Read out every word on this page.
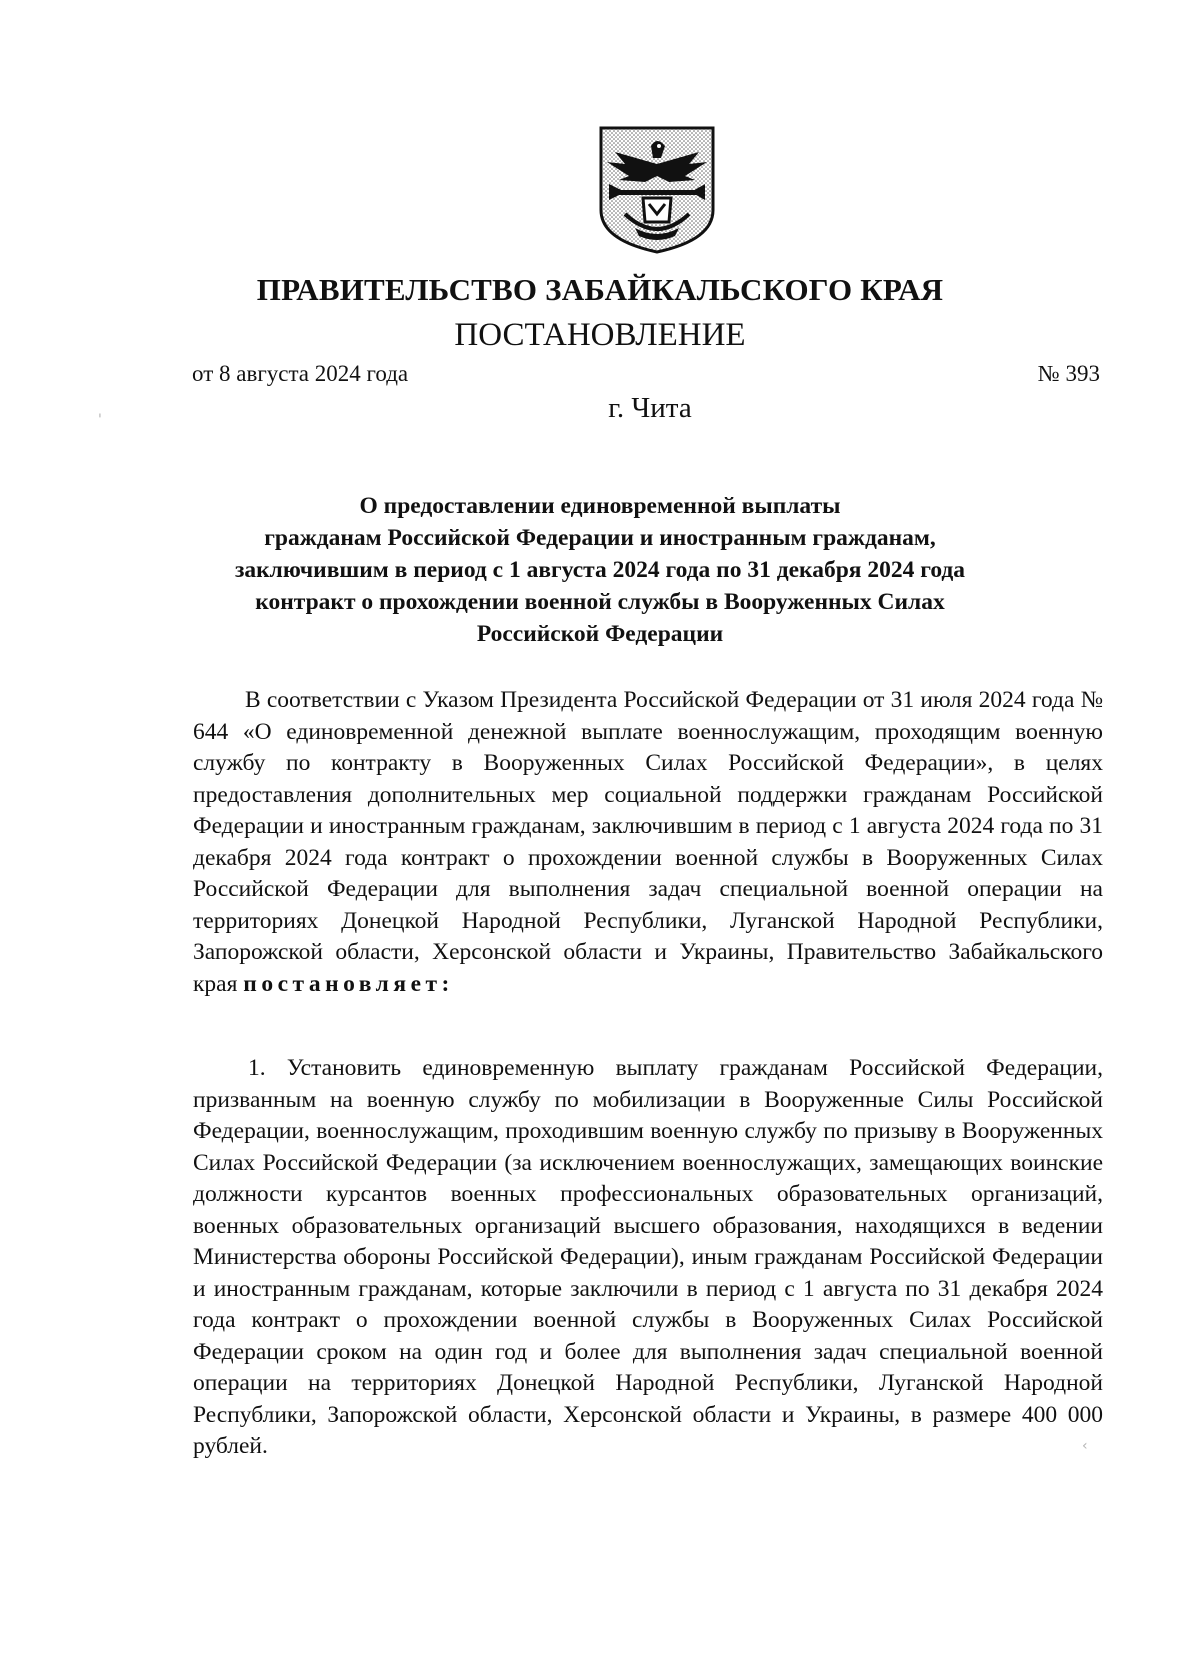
ПРАВИТЕЛЬСТВО ЗАБАЙКАЛЬСКОГО КРАЯ
ПОСТАНОВЛЕНИЕ
от 8 августа 2024 года	№ 393
г. Чита
О предоставлении единовременной выплаты
гражданам Российской Федерации и иностранным гражданам,
заключившим в период с 1 августа 2024 года по 31 декабря 2024 года
контракт о прохождении военной службы в Вооруженных Силах
Российской Федерации
В соответствии с Указом Президента Российской Федерации от 31 июля 2024 года № 644 «О единовременной денежной выплате военнослужащим, проходящим военную службу по контракту в Вооруженных Силах Российской Федерации», в целях предоставления дополнительных мер социальной поддержки гражданам Российской Федерации и иностранным гражданам, заключившим в период с 1 августа 2024 года по 31 декабря 2024 года контракт о прохождении военной службы в Вооруженных Силах Российской Федерации для выполнения задач специальной военной операции на территориях Донецкой Народной Республики, Луганской Народной Республики, Запорожской области, Херсонской области и Украины, Правительство Забайкальского края постановляет:
1. Установить единовременную выплату гражданам Российской Федерации, призванным на военную службу по мобилизации в Вооруженные Силы Российской Федерации, военнослужащим, проходившим военную службу по призыву в Вооруженных Силах Российской Федерации (за исключением военнослужащих, замещающих воинские должности курсантов военных профессиональных образовательных организаций, военных образовательных организаций высшего образования, находящихся в ведении Министерства обороны Российской Федерации), иным гражданам Российской Федерации и иностранным гражданам, которые заключили в период с 1 августа по 31 декабря 2024 года контракт о прохождении военной службы в Вооруженных Силах Российской Федерации сроком на один год и более для выполнения задач специальной военной операции на территориях Донецкой Народной Республики, Луганской Народной Республики, Запорожской области, Херсонской области и Украины, в размере 400 000 рублей.
'
‹
